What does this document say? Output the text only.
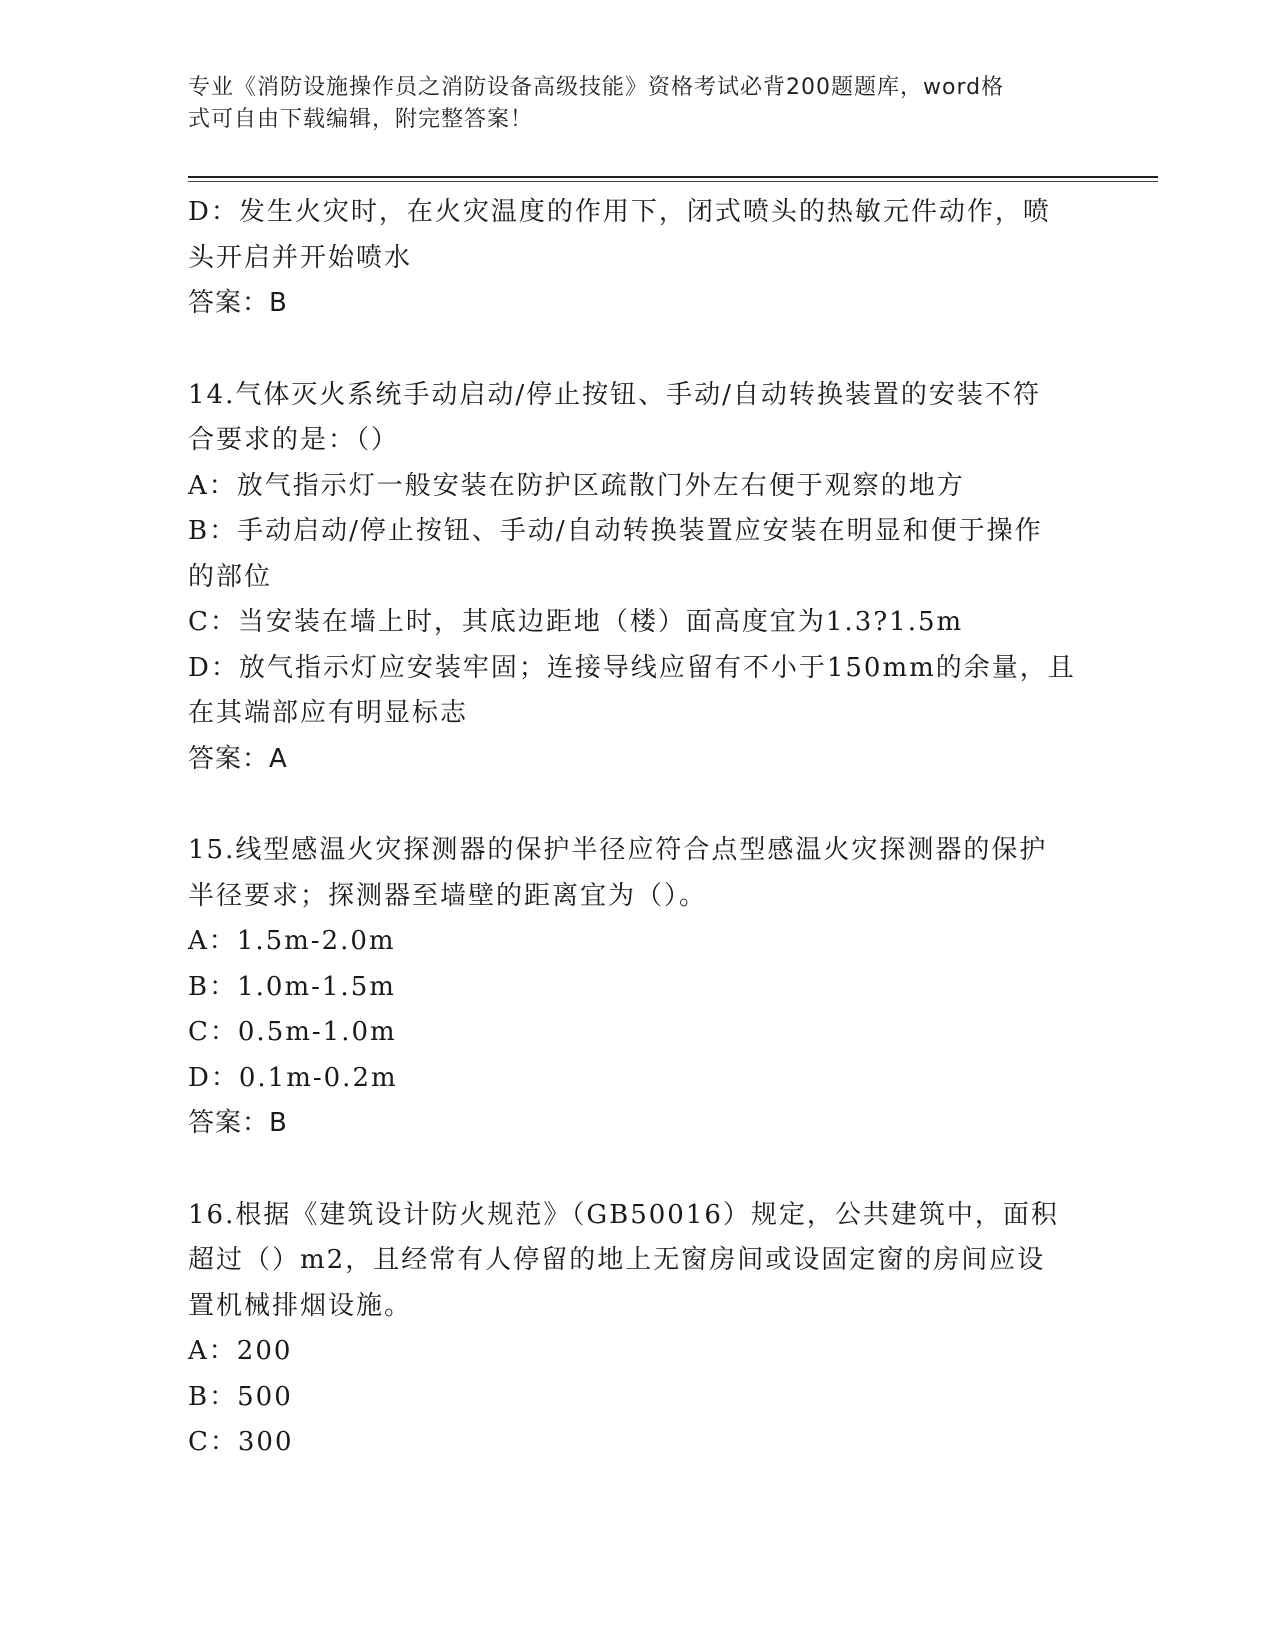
专业《消防设施操作员之消防设备高级技能》资格考试必背200题题库，word格
式可自由下载编辑，附完整答案！
D：发生火灾时，在火灾温度的作用下，闭式喷头的热敏元件动作，喷
头开启并开始喷水
答案：B
14.气体灭火系统手动启动/停止按钮、手动/自动转换装置的安装不符
合要求的是：（）
A：放气指示灯一般安装在防护区疏散门外左右便于观察的地方
B：手动启动/停止按钮、手动/自动转换装置应安装在明显和便于操作
的部位
C：当安装在墙上时，其底边距地（楼）面高度宜为1.3?1.5m
D：放气指示灯应安装牢固；连接导线应留有不小于150mm的余量，且
在其端部应有明显标志
答案：A
15.线型感温火灾探测器的保护半径应符合点型感温火灾探测器的保护
半径要求；探测器至墙壁的距离宜为（）。
A：1.5m-2.0m
B：1.0m-1.5m
C：0.5m-1.0m
D：0.1m-0.2m
答案：B
16.根据《建筑设计防火规范》（GB50016）规定，公共建筑中，面积
超过（）m2，且经常有人停留的地上无窗房间或设固定窗的房间应设
置机械排烟设施。
A：200
B：500
C：300
